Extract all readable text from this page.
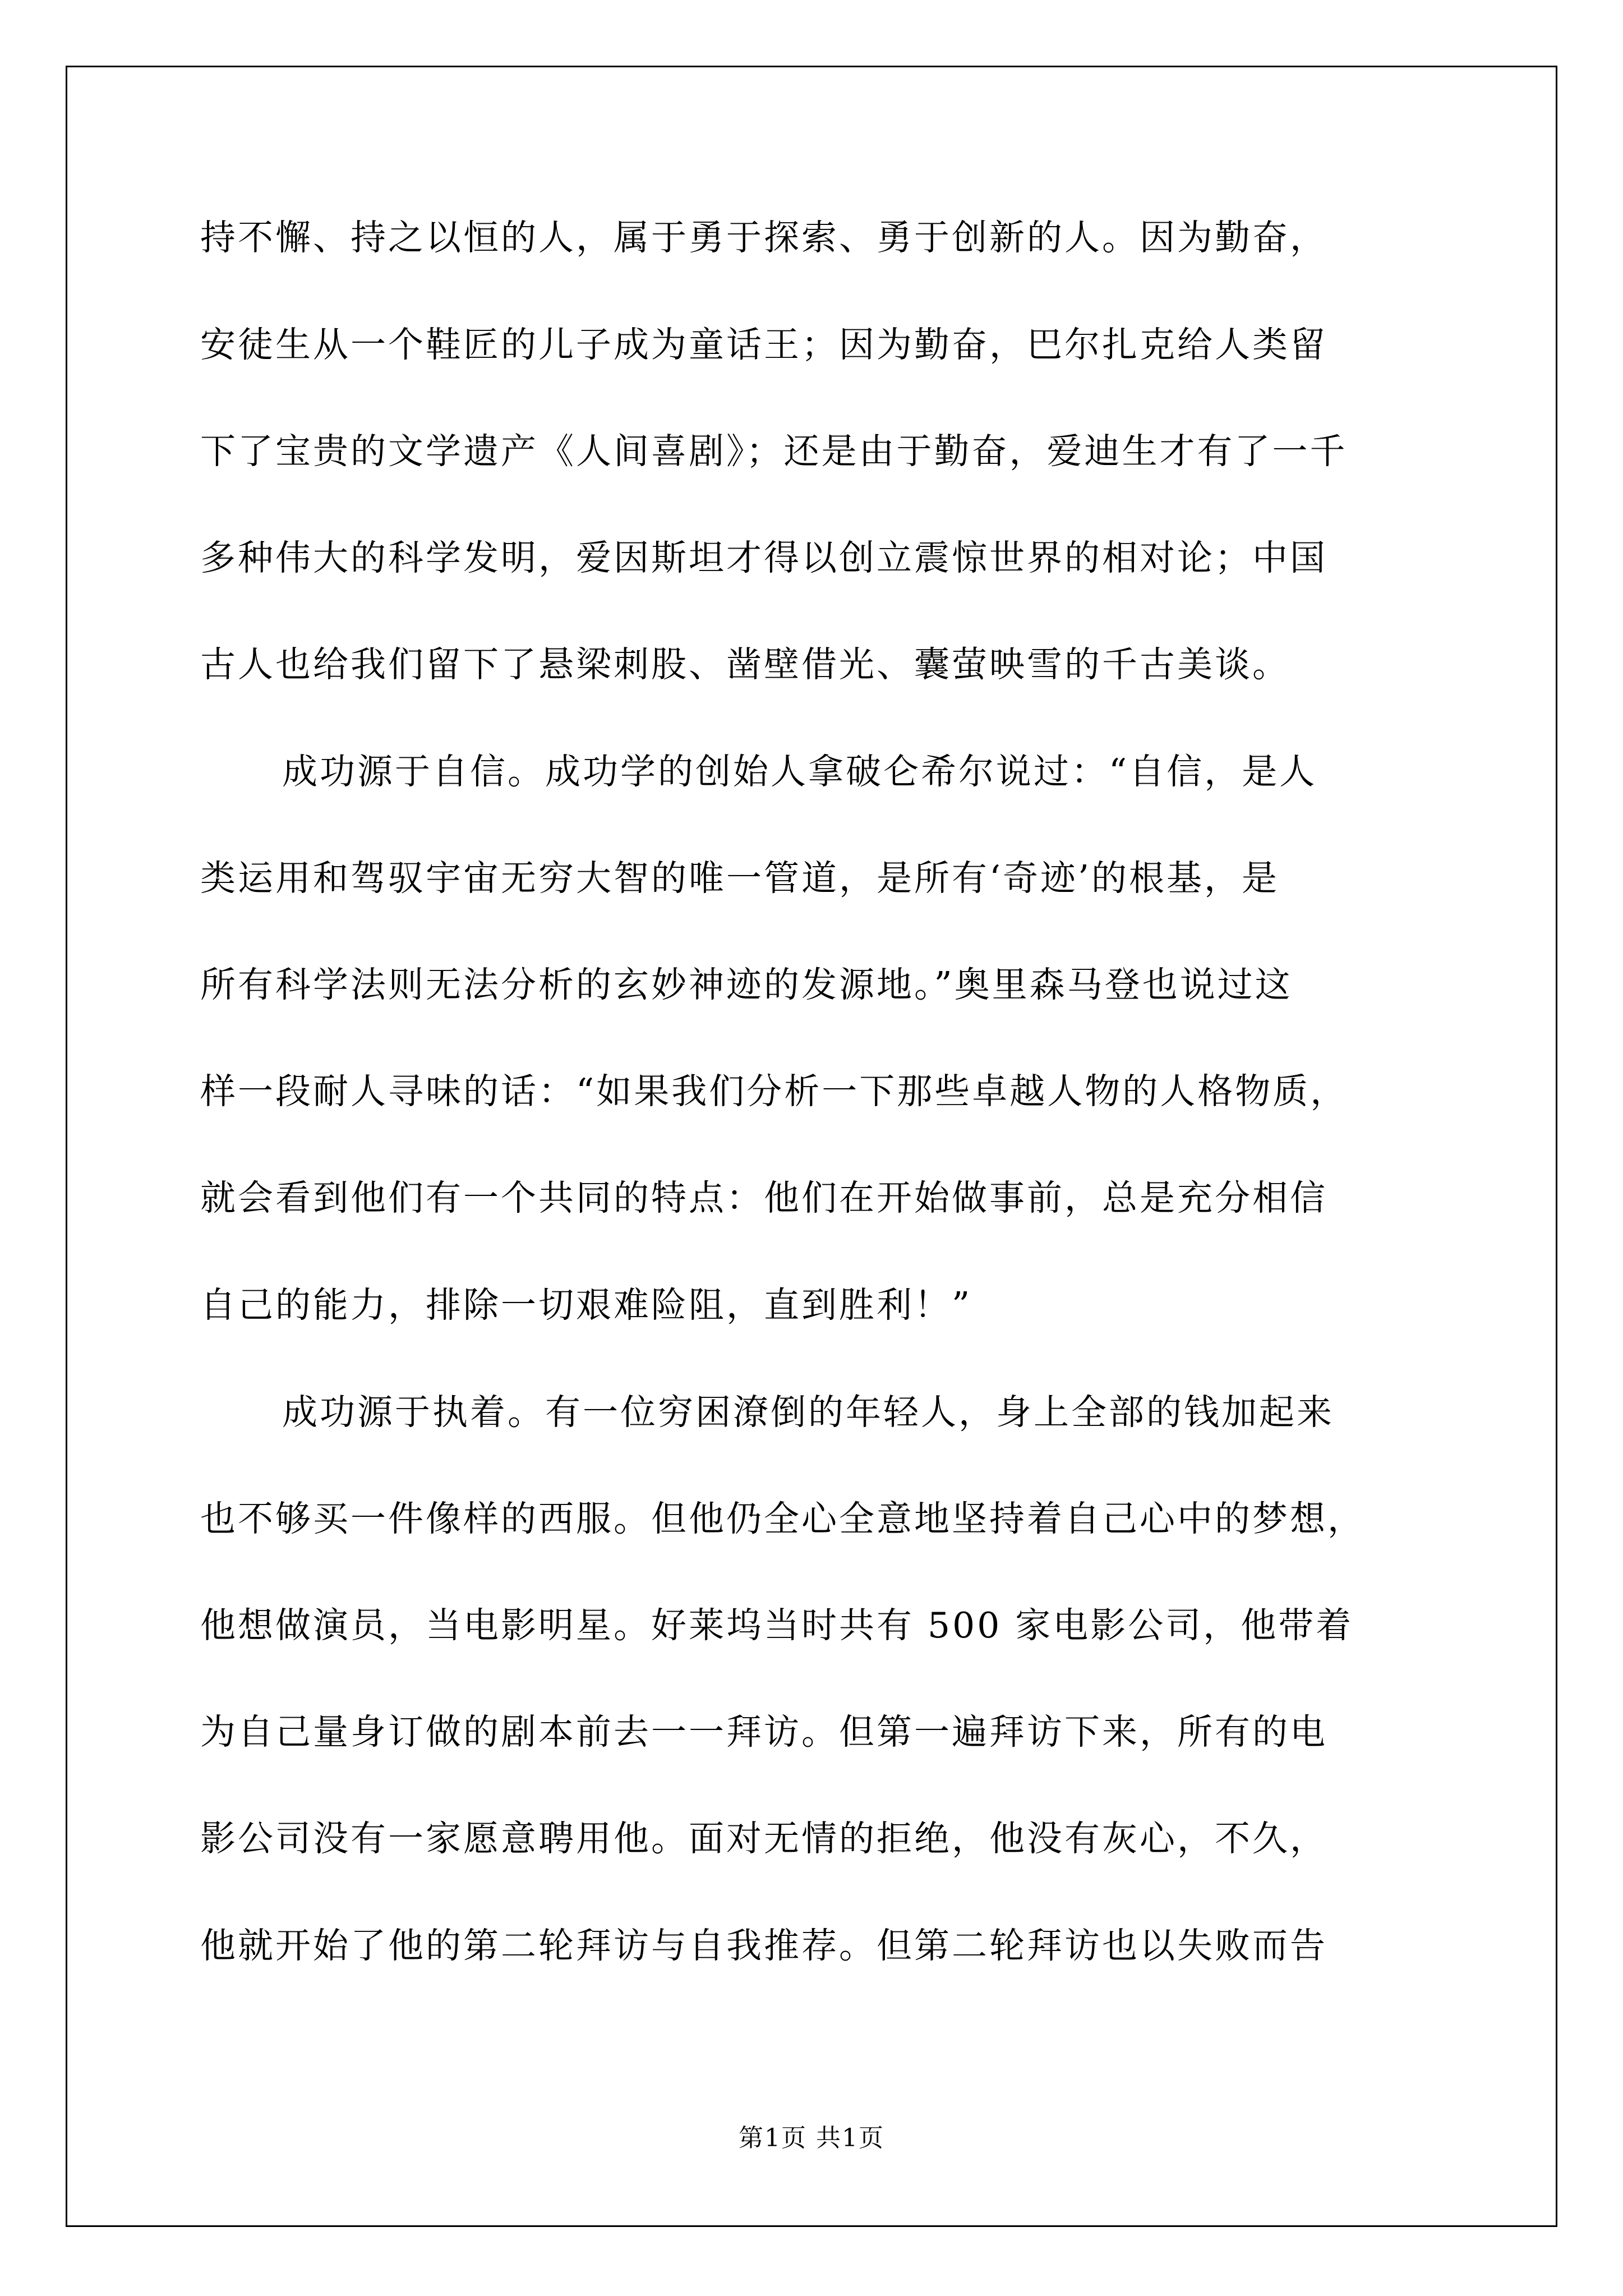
持不懈、持之以恒的人，属于勇于探索、勇于创新的人。因为勤奋，
安徒生从一个鞋匠的儿子成为童话王；因为勤奋，巴尔扎克给人类留
下了宝贵的文学遗产《人间喜剧》；还是由于勤奋，爱迪生才有了一千
多种伟大的科学发明，爱因斯坦才得以创立震惊世界的相对论；中国
古人也给我们留下了悬梁刺股、凿壁借光、囊萤映雪的千古美谈。
成功源于自信。成功学的创始人拿破仑希尔说过：“自信，是人
类运用和驾驭宇宙无穷大智的唯一管道，是所有‘奇迹’的根基，是
所有科学法则无法分析的玄妙神迹的发源地。”奥里森马登也说过这
样一段耐人寻味的话：“如果我们分析一下那些卓越人物的人格物质，
就会看到他们有一个共同的特点：他们在开始做事前，总是充分相信
自己的能力，排除一切艰难险阻，直到胜利！”
成功源于执着。有一位穷困潦倒的年轻人，身上全部的钱加起来
也不够买一件像样的西服。但他仍全心全意地坚持着自己心中的梦想，
他想做演员，当电影明星。好莱坞当时共有 500 家电影公司，他带着
为自己量身订做的剧本前去一一拜访。但第一遍拜访下来，所有的电
影公司没有一家愿意聘用他。面对无情的拒绝，他没有灰心，不久，
他就开始了他的第二轮拜访与自我推荐。但第二轮拜访也以失败而告
第1页 共1页
